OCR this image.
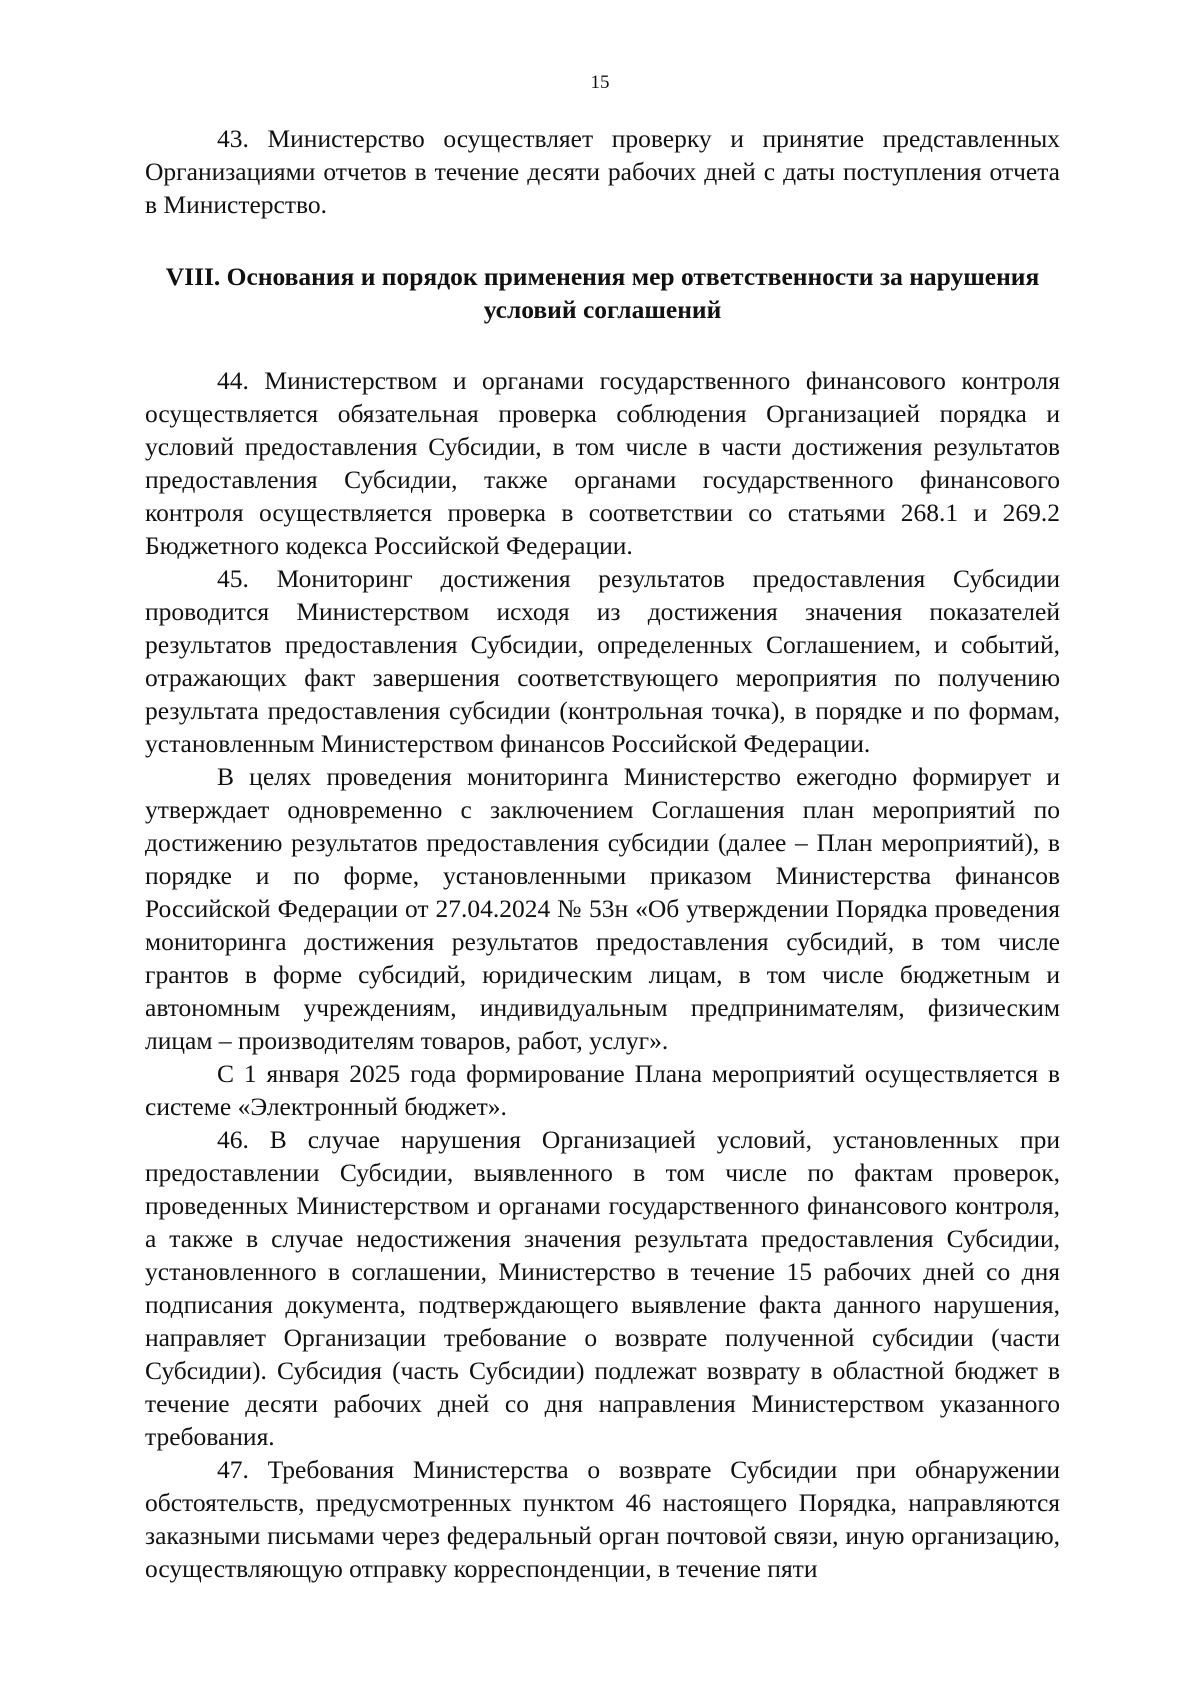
15

43. Министерство осуществляет проверку и принятие представленных Организациями отчетов в течение десяти рабочих дней с даты поступления отчета в Министерство.

VIII. Основания и порядок применения мер ответственности за нарушения
условий соглашений

44. Министерством и органами государственного финансового контроля осуществляется обязательная проверка соблюдения Организацией порядка и условий предоставления Субсидии, в том числе в части достижения результатов предоставления Субсидии, также органами государственного финансового контроля осуществляется проверка в соответствии со статьями 268.1 и 269.2 Бюджетного кодекса Российской Федерации.

45. Мониторинг достижения результатов предоставления Субсидии проводится Министерством исходя из достижения значения показателей результатов предоставления Субсидии, определенных Соглашением, и событий, отражающих факт завершения соответствующего мероприятия по получению результата предоставления субсидии (контрольная точка), в порядке и по формам, установленным Министерством финансов Российской Федерации.

В целях проведения мониторинга Министерство ежегодно формирует и утверждает одновременно с заключением Соглашения план мероприятий по достижению результатов предоставления субсидии (далее – План мероприятий), в порядке и по форме, установленными приказом Министерства финансов Российской Федерации от 27.04.2024 № 53н «Об утверждении Порядка проведения мониторинга достижения результатов предоставления субсидий, в том числе грантов в форме субсидий, юридическим лицам, в том числе бюджетным и автономным учреждениям, индивидуальным предпринимателям, физическим лицам – производителям товаров, работ, услуг».

С 1 января 2025 года формирование Плана мероприятий осуществляется в системе «Электронный бюджет».

46. В случае нарушения Организацией условий, установленных при предоставлении Субсидии, выявленного в том числе по фактам проверок, проведенных Министерством и органами государственного финансового контроля, а также в случае недостижения значения результата предоставления Субсидии, установленного в соглашении, Министерство в течение 15 рабочих дней со дня подписания документа, подтверждающего выявление факта данного нарушения, направляет Организации требование о возврате полученной субсидии (части Субсидии). Субсидия (часть Субсидии) подлежат возврату в областной бюджет в течение десяти рабочих дней со дня направления Министерством указанного требования.

47. Требования Министерства о возврате Субсидии при обнаружении обстоятельств, предусмотренных пунктом 46 настоящего Порядка, направляются заказными письмами через федеральный орган почтовой связи, иную организацию, осуществляющую отправку корреспонденции, в течение пяти
